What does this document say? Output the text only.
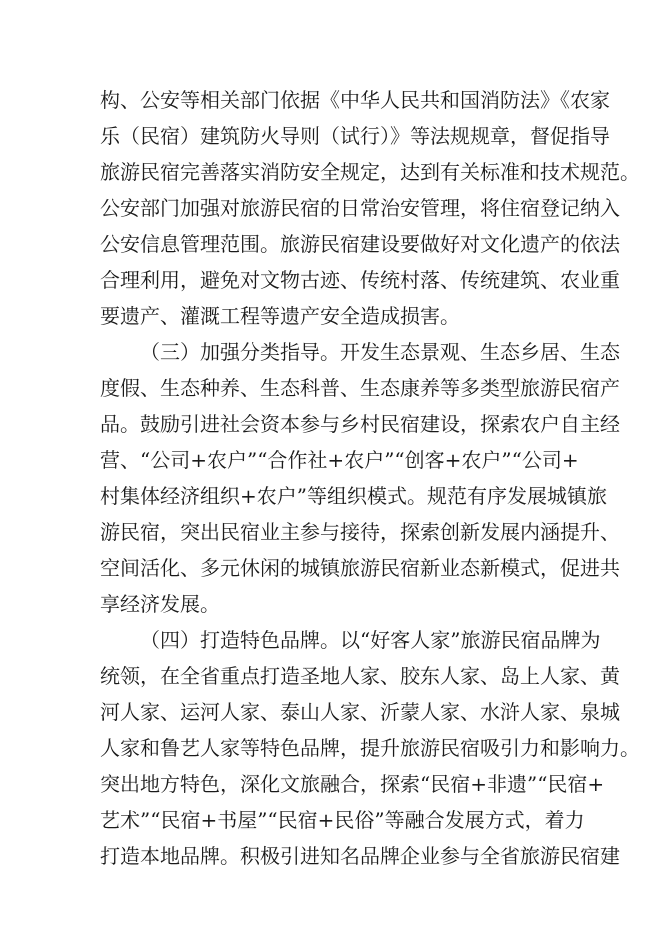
构、公安等相关部门依据《中华人民共和国消防法》《农家
乐（民宿）建筑防火导则（试行）》等法规规章，督促指导
旅游民宿完善落实消防安全规定，达到有关标准和技术规范。
公安部门加强对旅游民宿的日常治安管理，将住宿登记纳入
公安信息管理范围。旅游民宿建设要做好对文化遗产的依法
合理利用，避免对文物古迹、传统村落、传统建筑、农业重
要遗产、灌溉工程等遗产安全造成损害。
（三）加强分类指导。开发生态景观、生态乡居、生态
度假、生态种养、生态科普、生态康养等多类型旅游民宿产
品。鼓励引进社会资本参与乡村民宿建设，探索农户自主经
营、“公司+农户”“合作社+农户”“创客+农户”“公司+
村集体经济组织+农户”等组织模式。规范有序发展城镇旅
游民宿，突出民宿业主参与接待，探索创新发展内涵提升、
空间活化、多元休闲的城镇旅游民宿新业态新模式，促进共
享经济发展。
（四）打造特色品牌。以“好客人家”旅游民宿品牌为
统领，在全省重点打造圣地人家、胶东人家、岛上人家、黄
河人家、运河人家、泰山人家、沂蒙人家、水浒人家、泉城
人家和鲁艺人家等特色品牌，提升旅游民宿吸引力和影响力。
突出地方特色，深化文旅融合，探索“民宿+非遗”“民宿+
艺术”“民宿+书屋”“民宿+民俗”等融合发展方式，着力
打造本地品牌。积极引进知名品牌企业参与全省旅游民宿建
